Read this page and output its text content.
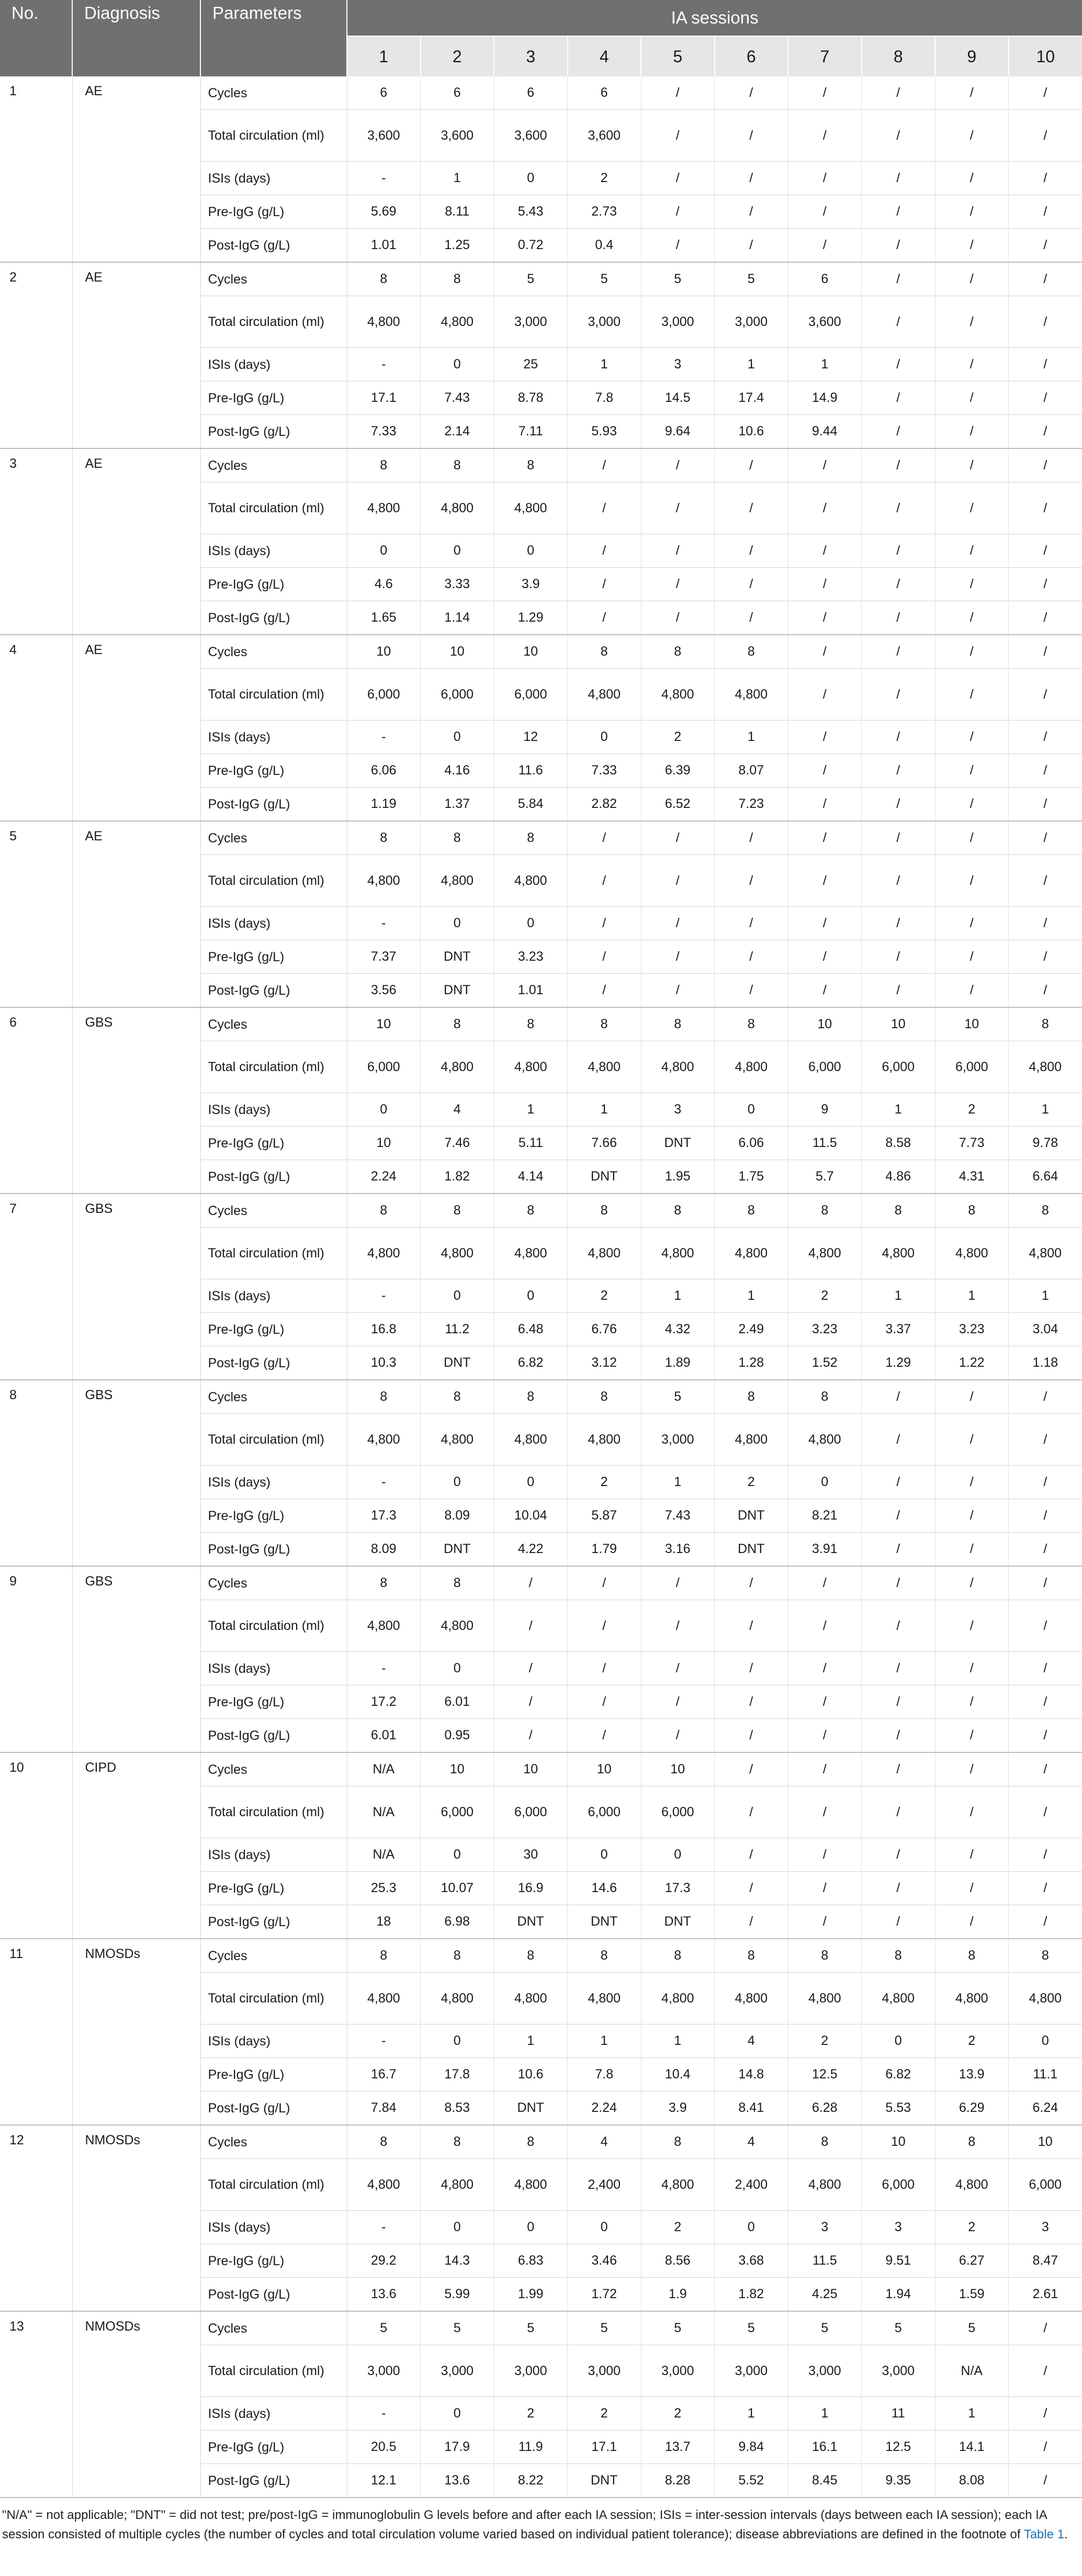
No.	Diagnosis	Parameters	IA sessions									
			1	2	3	4	5	6	7	8	9	10
1	AE	Cycles	6	6	6	6	/	/	/	/	/	/
		Total circulation (ml)	3,600	3,600	3,600	3,600	/	/	/	/	/	/
		ISIs (days)	-	1	0	2	/	/	/	/	/	/
		Pre-IgG (g/L)	5.69	8.11	5.43	2.73	/	/	/	/	/	/
		Post-IgG (g/L)	1.01	1.25	0.72	0.4	/	/	/	/	/	/
2	AE	Cycles	8	8	5	5	5	5	6	/	/	/
		Total circulation (ml)	4,800	4,800	3,000	3,000	3,000	3,000	3,600	/	/	/
		ISIs (days)	-	0	25	1	3	1	1	/	/	/
		Pre-IgG (g/L)	17.1	7.43	8.78	7.8	14.5	17.4	14.9	/	/	/
		Post-IgG (g/L)	7.33	2.14	7.11	5.93	9.64	10.6	9.44	/	/	/
3	AE	Cycles	8	8	8	/	/	/	/	/	/	/
		Total circulation (ml)	4,800	4,800	4,800	/	/	/	/	/	/	/
		ISIs (days)	0	0	0	/	/	/	/	/	/	/
		Pre-IgG (g/L)	4.6	3.33	3.9	/	/	/	/	/	/	/
		Post-IgG (g/L)	1.65	1.14	1.29	/	/	/	/	/	/	/
4	AE	Cycles	10	10	10	8	8	8	/	/	/	/
		Total circulation (ml)	6,000	6,000	6,000	4,800	4,800	4,800	/	/	/	/
		ISIs (days)	-	0	12	0	2	1	/	/	/	/
		Pre-IgG (g/L)	6.06	4.16	11.6	7.33	6.39	8.07	/	/	/	/
		Post-IgG (g/L)	1.19	1.37	5.84	2.82	6.52	7.23	/	/	/	/
5	AE	Cycles	8	8	8	/	/	/	/	/	/	/
		Total circulation (ml)	4,800	4,800	4,800	/	/	/	/	/	/	/
		ISIs (days)	-	0	0	/	/	/	/	/	/	/
		Pre-IgG (g/L)	7.37	DNT	3.23	/	/	/	/	/	/	/
		Post-IgG (g/L)	3.56	DNT	1.01	/	/	/	/	/	/	/
6	GBS	Cycles	10	8	8	8	8	8	10	10	10	8
		Total circulation (ml)	6,000	4,800	4,800	4,800	4,800	4,800	6,000	6,000	6,000	4,800
		ISIs (days)	0	4	1	1	3	0	9	1	2	1
		Pre-IgG (g/L)	10	7.46	5.11	7.66	DNT	6.06	11.5	8.58	7.73	9.78
		Post-IgG (g/L)	2.24	1.82	4.14	DNT	1.95	1.75	5.7	4.86	4.31	6.64
7	GBS	Cycles	8	8	8	8	8	8	8	8	8	8
		Total circulation (ml)	4,800	4,800	4,800	4,800	4,800	4,800	4,800	4,800	4,800	4,800
		ISIs (days)	-	0	0	2	1	1	2	1	1	1
		Pre-IgG (g/L)	16.8	11.2	6.48	6.76	4.32	2.49	3.23	3.37	3.23	3.04
		Post-IgG (g/L)	10.3	DNT	6.82	3.12	1.89	1.28	1.52	1.29	1.22	1.18
8	GBS	Cycles	8	8	8	8	5	8	8	/	/	/
		Total circulation (ml)	4,800	4,800	4,800	4,800	3,000	4,800	4,800	/	/	/
		ISIs (days)	-	0	0	2	1	2	0	/	/	/
		Pre-IgG (g/L)	17.3	8.09	10.04	5.87	7.43	DNT	8.21	/	/	/
		Post-IgG (g/L)	8.09	DNT	4.22	1.79	3.16	DNT	3.91	/	/	/
9	GBS	Cycles	8	8	/	/	/	/	/	/	/	/
		Total circulation (ml)	4,800	4,800	/	/	/	/	/	/	/	/
		ISIs (days)	-	0	/	/	/	/	/	/	/	/
		Pre-IgG (g/L)	17.2	6.01	/	/	/	/	/	/	/	/
		Post-IgG (g/L)	6.01	0.95	/	/	/	/	/	/	/	/
10	CIPD	Cycles	N/A	10	10	10	10	/	/	/	/	/
		Total circulation (ml)	N/A	6,000	6,000	6,000	6,000	/	/	/	/	/
		ISIs (days)	N/A	0	30	0	0	/	/	/	/	/
		Pre-IgG (g/L)	25.3	10.07	16.9	14.6	17.3	/	/	/	/	/
		Post-IgG (g/L)	18	6.98	DNT	DNT	DNT	/	/	/	/	/
11	NMOSDs	Cycles	8	8	8	8	8	8	8	8	8	8
		Total circulation (ml)	4,800	4,800	4,800	4,800	4,800	4,800	4,800	4,800	4,800	4,800
		ISIs (days)	-	0	1	1	1	4	2	0	2	0
		Pre-IgG (g/L)	16.7	17.8	10.6	7.8	10.4	14.8	12.5	6.82	13.9	11.1
		Post-IgG (g/L)	7.84	8.53	DNT	2.24	3.9	8.41	6.28	5.53	6.29	6.24
12	NMOSDs	Cycles	8	8	8	4	8	4	8	10	8	10
		Total circulation (ml)	4,800	4,800	4,800	2,400	4,800	2,400	4,800	6,000	4,800	6,000
		ISIs (days)	-	0	0	0	2	0	3	3	2	3
		Pre-IgG (g/L)	29.2	14.3	6.83	3.46	8.56	3.68	11.5	9.51	6.27	8.47
		Post-IgG (g/L)	13.6	5.99	1.99	1.72	1.9	1.82	4.25	1.94	1.59	2.61
13	NMOSDs	Cycles	5	5	5	5	5	5	5	5	5	/
		Total circulation (ml)	3,000	3,000	3,000	3,000	3,000	3,000	3,000	3,000	N/A	/
		ISIs (days)	-	0	2	2	2	1	1	11	1	/
		Pre-IgG (g/L)	20.5	17.9	11.9	17.1	13.7	9.84	16.1	12.5	14.1	/
		Post-IgG (g/L)	12.1	13.6	8.22	DNT	8.28	5.52	8.45	9.35	8.08	/
"N/A" = not applicable; "DNT" = did not test; pre/post-IgG = immunoglobulin G levels before and after each IA session; ISIs = inter-session intervals (days between each IA session); each IA session consisted of multiple cycles (the number of cycles and total circulation volume varied based on individual patient tolerance); disease abbreviations are defined in the footnote of Table 1.
